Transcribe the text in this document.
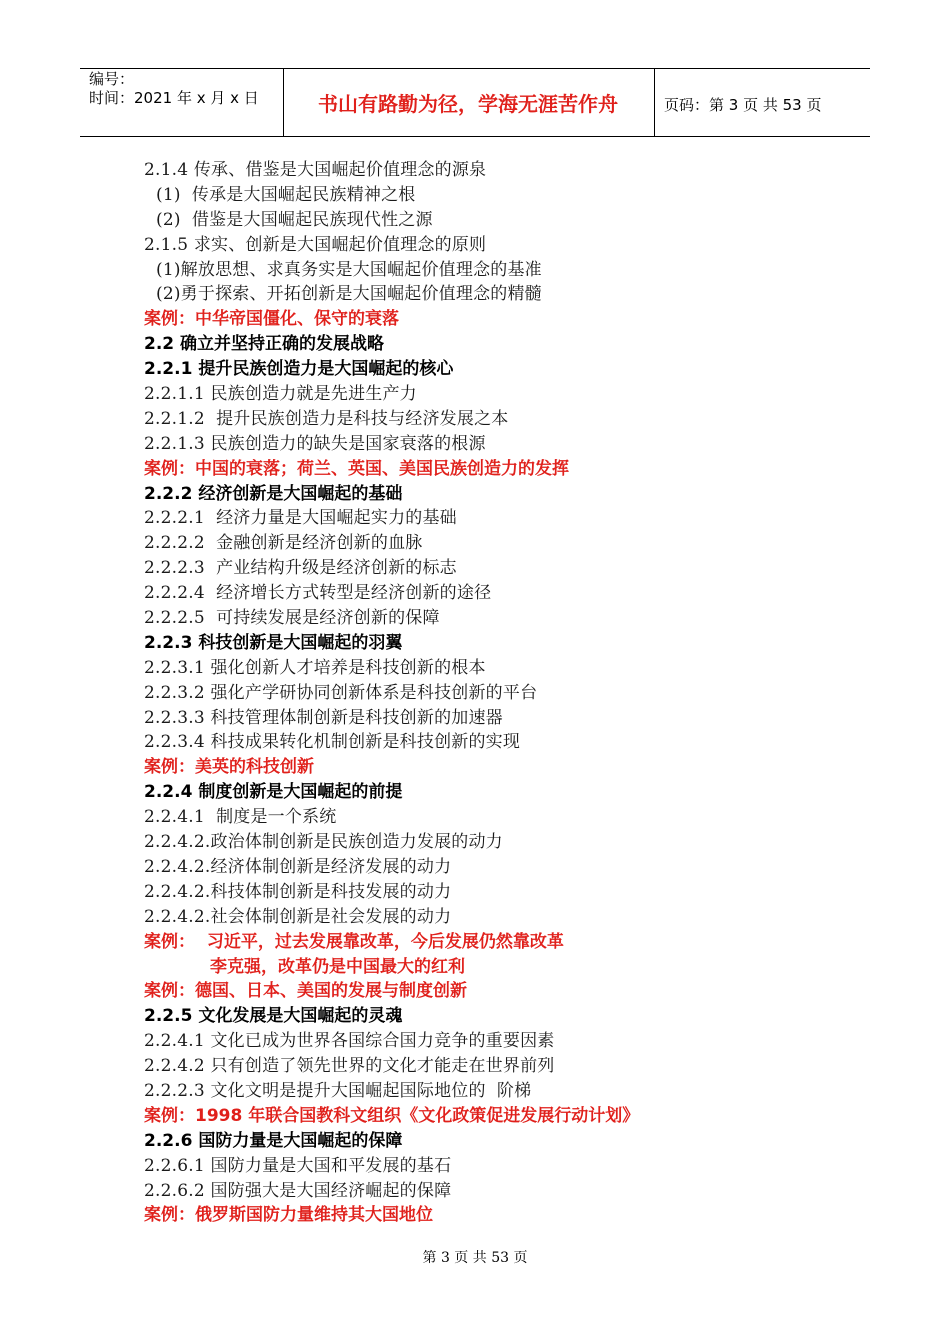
编号：
时间：2021 年 x 月 x 日	书山有路勤为径，学海无涯苦作舟	页码：第 3 页 共 53 页
2.1.4 传承、借鉴是大国崛起价值理念的源泉
(1)  传承是大国崛起民族精神之根
(2)  借鉴是大国崛起民族现代性之源
2.1.5 求实、创新是大国崛起价值理念的原则
(1)解放思想、求真务实是大国崛起价值理念的基准
(2)勇于探索、开拓创新是大国崛起价值理念的精髓
案例：中华帝国僵化、保守的衰落
2.2 确立并坚持正确的发展战略
2.2.1 提升民族创造力是大国崛起的核心
2.2.1.1 民族创造力就是先进生产力
2.2.1.2  提升民族创造力是科技与经济发展之本
2.2.1.3 民族创造力的缺失是国家衰落的根源
案例：中国的衰落；荷兰、英国、美国民族创造力的发挥
2.2.2 经济创新是大国崛起的基础
2.2.2.1  经济力量是大国崛起实力的基础
2.2.2.2  金融创新是经济创新的血脉
2.2.2.3  产业结构升级是经济创新的标志
2.2.2.4  经济增长方式转型是经济创新的途径
2.2.2.5  可持续发展是经济创新的保障
2.2.3 科技创新是大国崛起的羽翼
2.2.3.1 强化创新人才培养是科技创新的根本
2.2.3.2 强化产学研协同创新体系是科技创新的平台
2.2.3.3 科技管理体制创新是科技创新的加速器
2.2.3.4 科技成果转化机制创新是科技创新的实现
案例：美英的科技创新
2.2.4 制度创新是大国崛起的前提
2.2.4.1  制度是一个系统
2.2.4.2.政治体制创新是民族创造力发展的动力
2.2.4.2.经济体制创新是经济发展的动力
2.2.4.2.科技体制创新是科技发展的动力
2.2.4.2.社会体制创新是社会发展的动力
案例：  习近平，过去发展靠改革，今后发展仍然靠改革
李克强，改革仍是中国最大的红利
案例：德国、日本、美国的发展与制度创新
2.2.5 文化发展是大国崛起的灵魂
2.2.4.1 文化已成为世界各国综合国力竞争的重要因素
2.2.4.2 只有创造了领先世界的文化才能走在世界前列
2.2.2.3 文化文明是提升大国崛起国际地位的  阶梯
案例：1998 年联合国教科文组织《文化政策促进发展行动计划》
2.2.6 国防力量是大国崛起的保障
2.2.6.1 国防力量是大国和平发展的基石
2.2.6.2 国防强大是大国经济崛起的保障
案例：俄罗斯国防力量维持其大国地位
第 3 页 共 53 页
